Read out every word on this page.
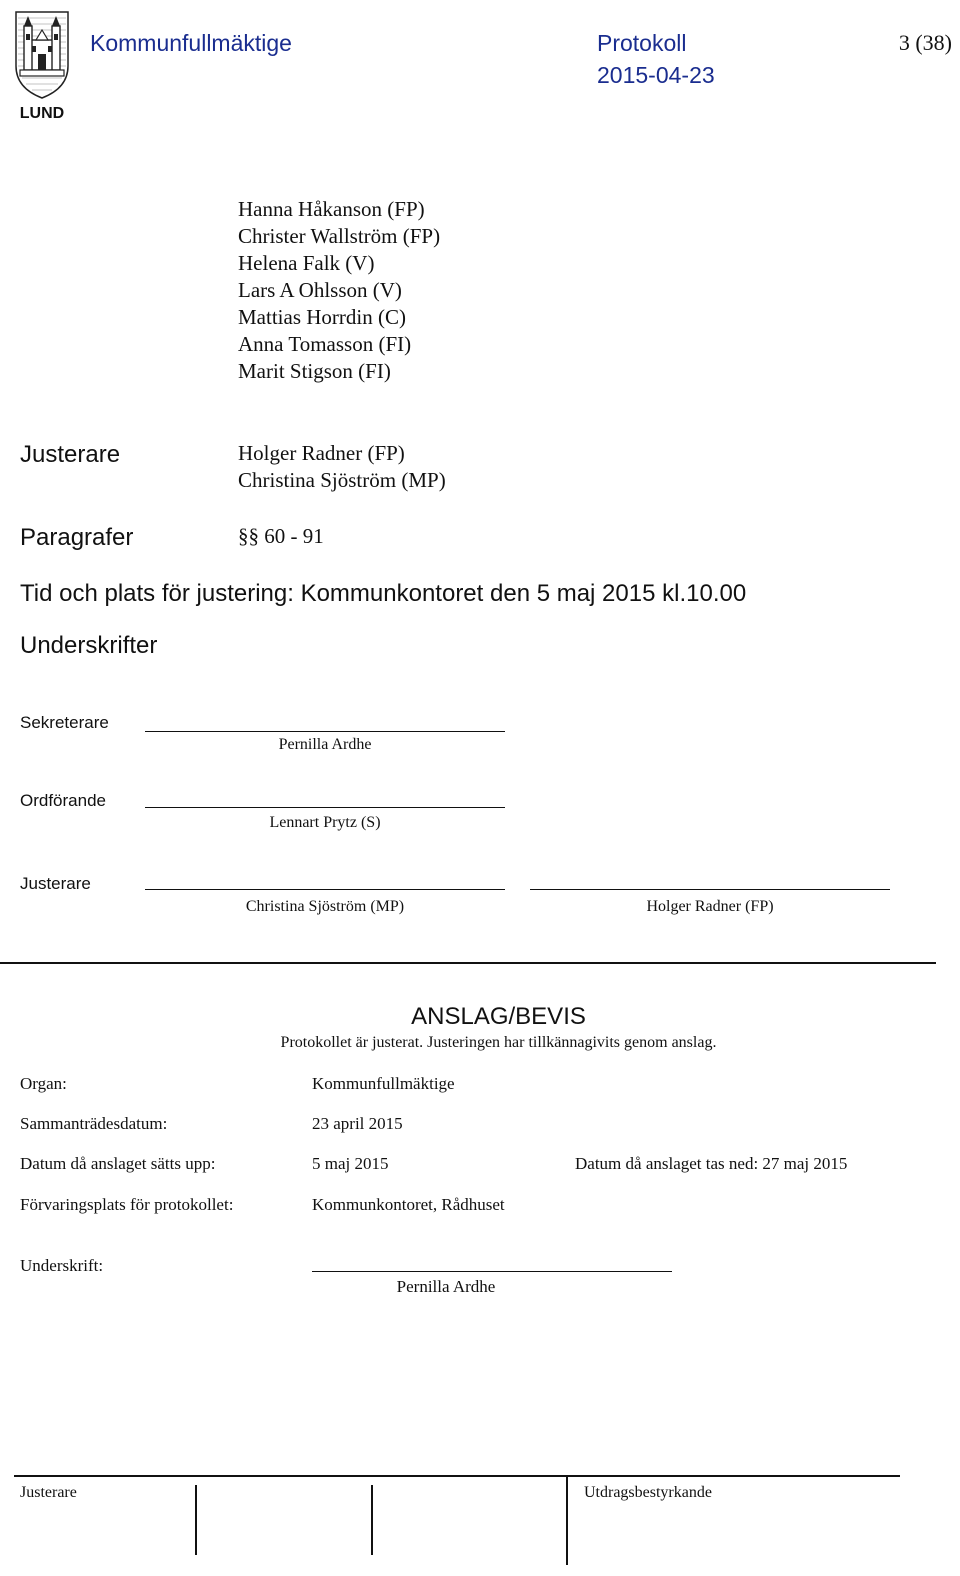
LUND
Kommunfullmäktige	Protokoll
2015-04-23
3 (38)
Hanna Håkanson (FP)
Christer Wallström (FP)
Helena Falk (V)
Lars A Ohlsson (V)
Mattias Horrdin (C)
Anna Tomasson (FI)
Marit Stigson (FI)
Justerare	Holger Radner (FP)
Christina Sjöström (MP)
Paragrafer	§§ 60 - 91
Tid och plats för justering: Kommunkontoret den 5 maj 2015 kl.10.00
Underskrifter
Sekreterare
Pernilla Ardhe
Ordförande
Lennart Prytz (S)
Justerare
Christina Sjöström (MP)	Holger Radner (FP)
ANSLAG/BEVIS
Protokollet är justerat. Justeringen har tillkännagivits genom anslag.
Organ:	Kommunfullmäktige
Sammanträdesdatum:	23 april 2015
Datum då anslaget sätts upp:	5 maj 2015	Datum då anslaget tas ned: 27 maj 2015
Förvaringsplats för protokollet:	Kommunkontoret, Rådhuset
Underskrift:
Pernilla Ardhe
Justerare	Utdragsbestyrkande
